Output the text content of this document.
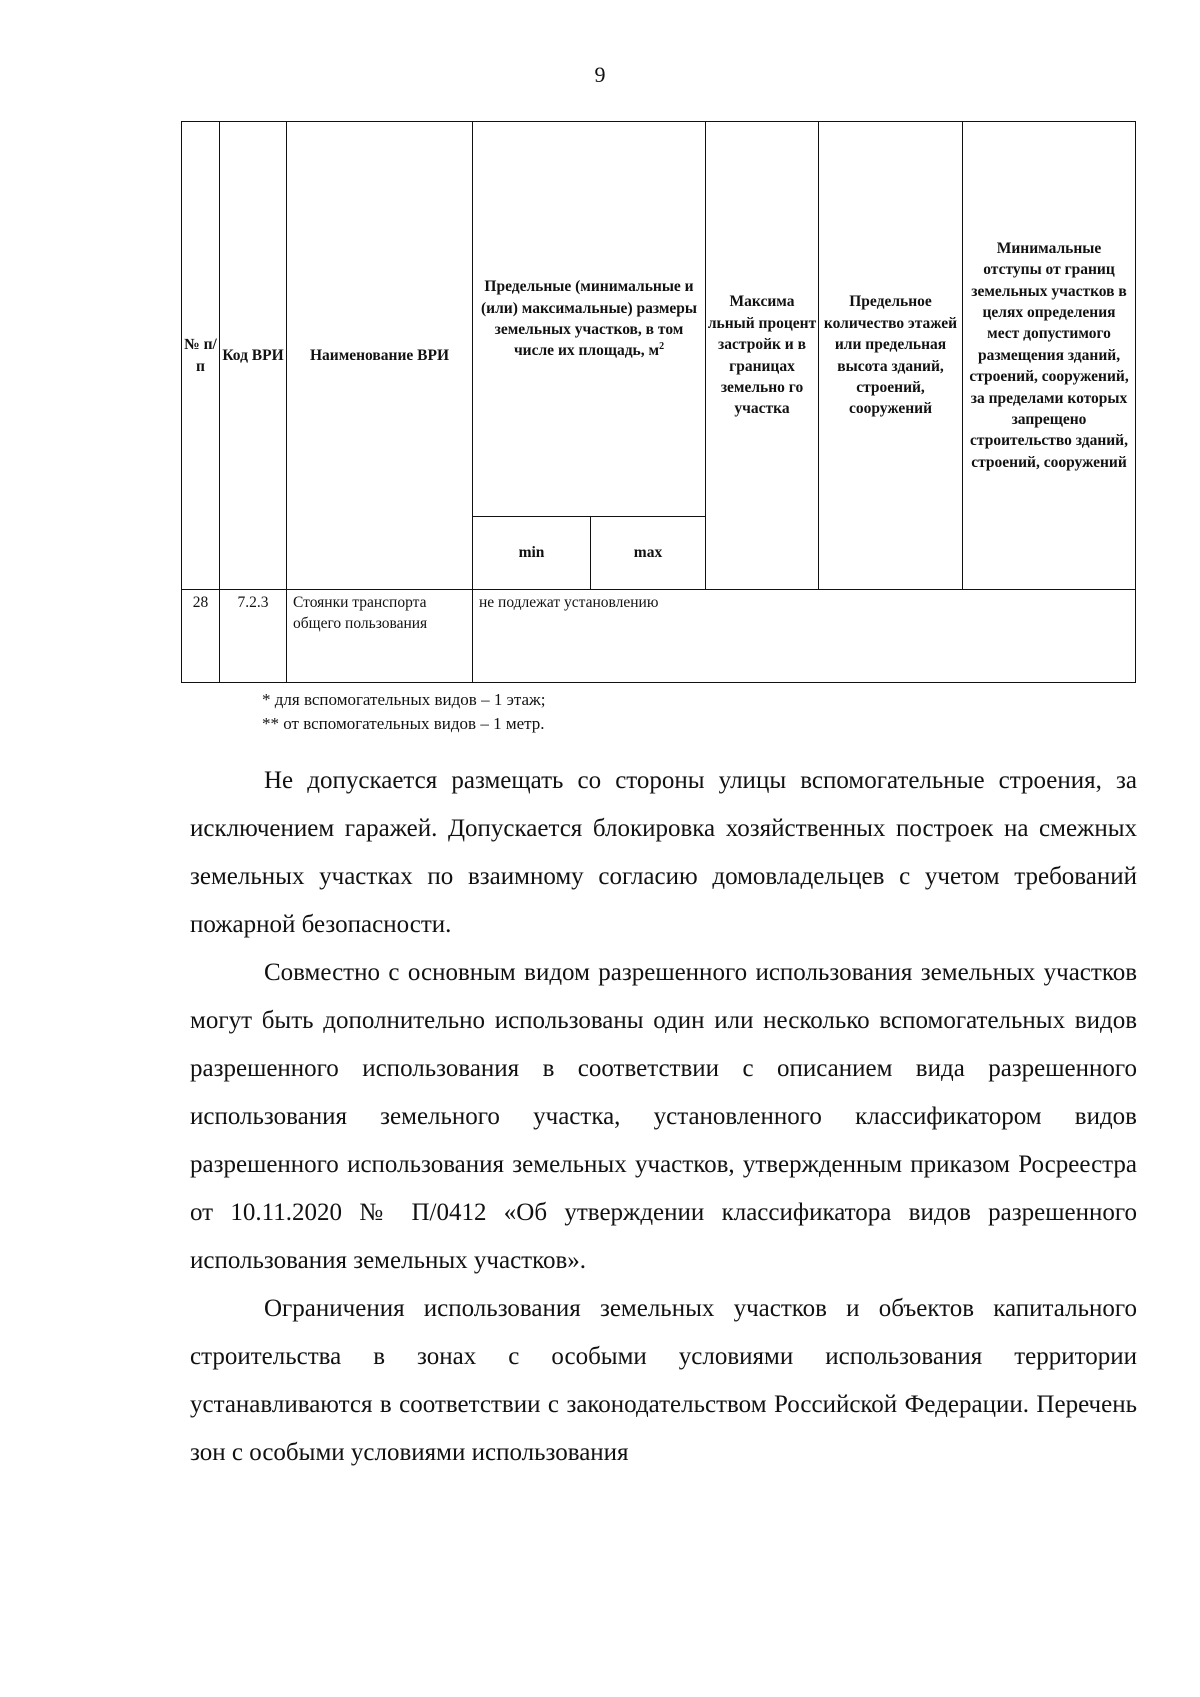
9
№ п/п	Код ВРИ	Наименование ВРИ	Предельные (минимальные и (или) максимальные) размеры земельных участков, в том числе их площадь, $м^2$		Максима льный процент застройк и в границах земельно го участка	Предельное количество этажей или предельная высота зданий, строений, сооружений	Минимальные отступы от границ земельных участков в целях определения мест допустимого размещения зданий, строений, сооружений, за пределами которых запрещено строительство зданий, строений, сооружений
			min	max			
28	7.2.3	Стоянки транспорта общего пользования	не подлежат установлению				
* для вспомогательных видов – 1 этаж;
** от вспомогательных видов – 1 метр.

Не допускается размещать со стороны улицы вспомогательные строения, за исключением гаражей. Допускается блокировка хозяйственных построек на смежных земельных участках по взаимному согласию домовладельцев с учетом требований пожарной безопасности.

Совместно с основным видом разрешенного использования земельных участков могут быть дополнительно использованы один или несколько вспомогательных видов разрешенного использования в соответствии с описанием вида разрешенного использования земельного участка, установленного классификатором видов разрешенного использования земельных участков, утвержденным приказом Росреестра от 10.11.2020 № П/0412 «Об утверждении классификатора видов разрешенного использования земельных участков».

Ограничения использования земельных участков и объектов капитального строительства в зонах с особыми условиями использования территории устанавливаются в соответствии с законодательством Российской Федерации. Перечень зон с особыми условиями использования
